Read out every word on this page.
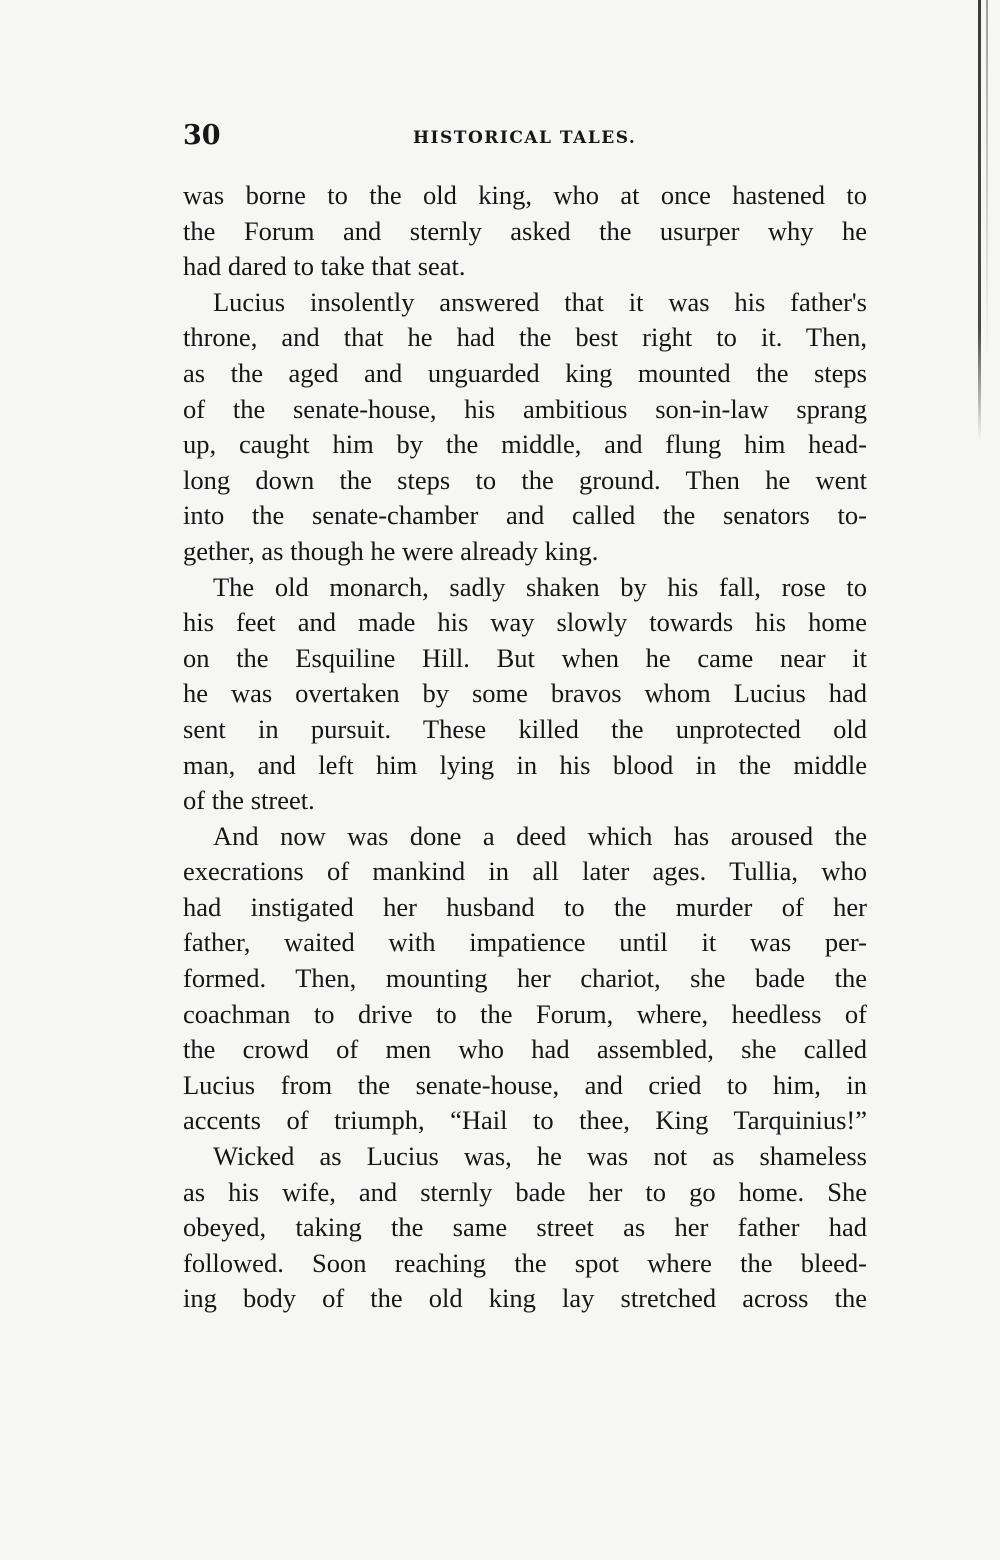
30	HISTORICAL TALES.
was borne to the old king, who at once hastened to
the Forum and sternly asked the usurper why he
had dared to take that seat.
Lucius insolently answered that it was his father's
throne, and that he had the best right to it. Then,
as the aged and unguarded king mounted the steps
of the senate-house, his ambitious son-in-law sprang
up, caught him by the middle, and flung him head-
long down the steps to the ground. Then he went
into the senate-chamber and called the senators to-
gether, as though he were already king.
The old monarch, sadly shaken by his fall, rose to
his feet and made his way slowly towards his home
on the Esquiline Hill. But when he came near it
he was overtaken by some bravos whom Lucius had
sent in pursuit. These killed the unprotected old
man, and left him lying in his blood in the middle
of the street.
And now was done a deed which has aroused the
execrations of mankind in all later ages. Tullia, who
had instigated her husband to the murder of her
father, waited with impatience until it was per-
formed. Then, mounting her chariot, she bade the
coachman to drive to the Forum, where, heedless of
the crowd of men who had assembled, she called
Lucius from the senate-house, and cried to him, in
accents of triumph, “Hail to thee, King Tarquinius!”
Wicked as Lucius was, he was not as shameless
as his wife, and sternly bade her to go home. She
obeyed, taking the same street as her father had
followed. Soon reaching the spot where the bleed-
ing body of the old king lay stretched across the
